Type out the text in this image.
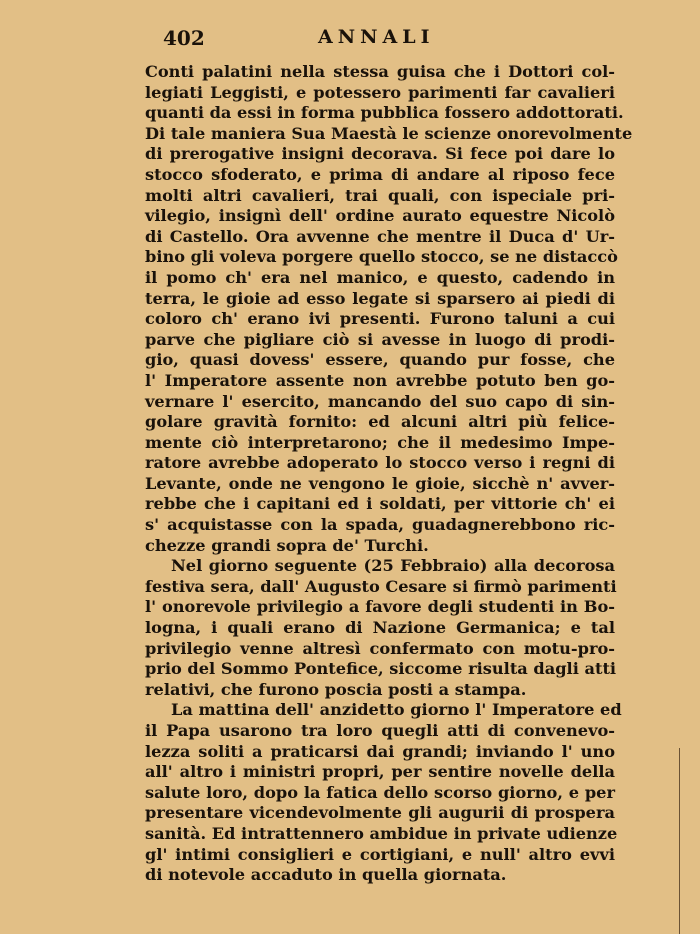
402	ANNALI
Conti palatini nella stessa guisa che i Dottori col-
legiati Leggisti, e potessero parimenti far cavalieri
quanti da essi in forma pubblica fossero addottorati.
Di tale maniera Sua Maestà le scienze onorevolmente
di prerogative insigni decorava. Si fece poi dare lo
stocco sfoderato, e prima di andare al riposo fece
molti altri cavalieri, trai quali, con ispeciale pri-
vilegio, insignì dell' ordine aurato equestre Nicolò
di Castello. Ora avvenne che mentre il Duca d' Ur-
bino gli voleva porgere quello stocco, se ne distaccò
il pomo ch' era nel manico, e questo, cadendo in
terra, le gioie ad esso legate si sparsero ai piedi di
coloro ch' erano ivi presenti. Furono taluni a cui
parve che pigliare ciò si avesse in luogo di prodi-
gio, quasi dovess' essere, quando pur fosse, che
l' Imperatore assente non avrebbe potuto ben go-
vernare l' esercito, mancando del suo capo di sin-
golare gravità fornito: ed alcuni altri più felice-
mente ciò interpretarono; che il medesimo Impe-
ratore avrebbe adoperato lo stocco verso i regni di
Levante, onde ne vengono le gioie, sicchè n' avver-
rebbe che i capitani ed i soldati, per vittorie ch' ei
s' acquistasse con la spada, guadagnerebbono ric-
chezze grandi sopra de' Turchi.
Nel giorno seguente (25 Febbraio) alla decorosa
festiva sera, dall' Augusto Cesare si firmò parimenti
l' onorevole privilegio a favore degli studenti in Bo-
logna, i quali erano di Nazione Germanica; e tal
privilegio venne altresì confermato con motu-pro-
prio del Sommo Pontefice, siccome risulta dagli atti
relativi, che furono poscia posti a stampa.
La mattina dell' anzidetto giorno l' Imperatore ed
il Papa usarono tra loro quegli atti di convenevo-
lezza soliti a praticarsi dai grandi; inviando l' uno
all' altro i ministri propri, per sentire novelle della
salute loro, dopo la fatica dello scorso giorno, e per
presentare vicendevolmente gli augurii di prospera
sanità. Ed intrattennero ambidue in private udienze
gl' intimi consiglieri e cortigiani, e null' altro evvi
di notevole accaduto in quella giornata.
